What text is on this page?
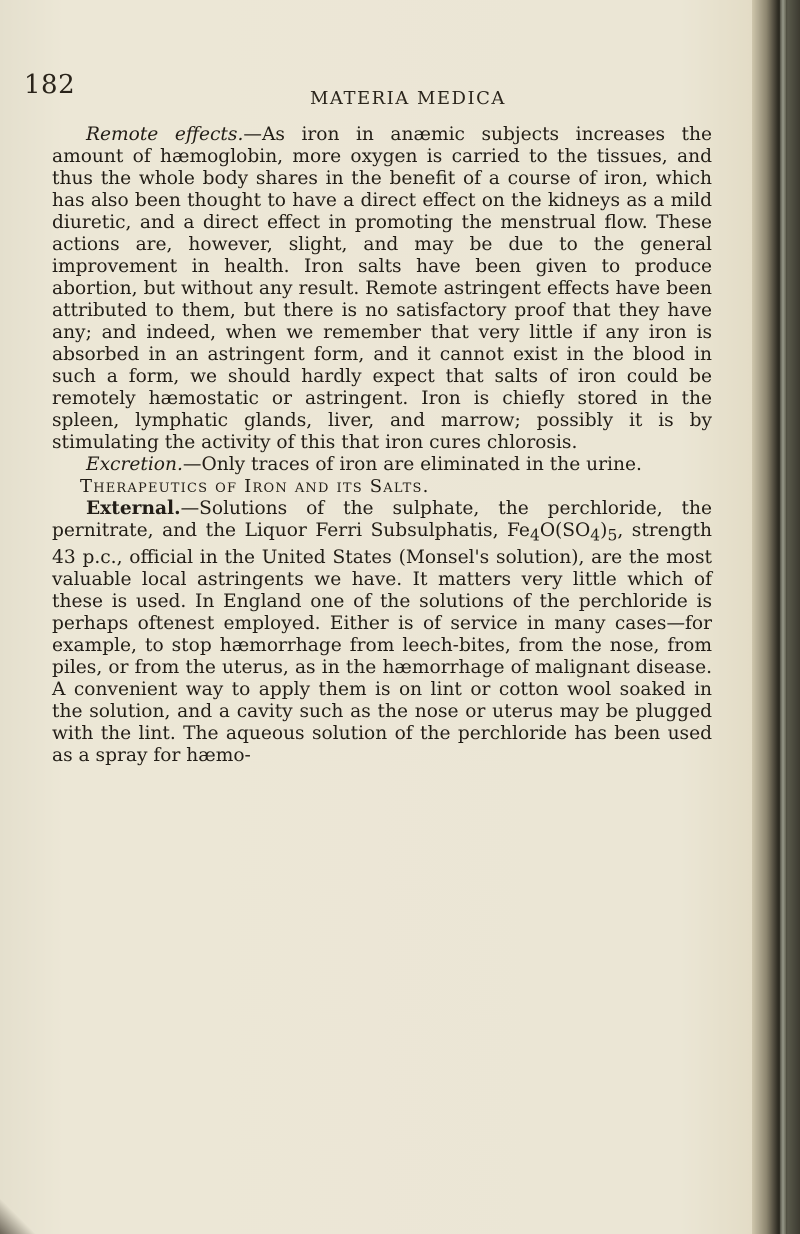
182	MATERIA MEDICA

Remote effects.—As iron in anæmic subjects increases the amount of hæmoglobin, more oxygen is carried to the tissues, and thus the whole body shares in the benefit of a course of iron, which has also been thought to have a direct effect on the kidneys as a mild diuretic, and a direct effect in promoting the menstrual flow. These actions are, however, slight, and may be due to the general improvement in health. Iron salts have been given to produce abortion, but without any result. Remote astringent effects have been attributed to them, but there is no satisfactory proof that they have any; and indeed, when we remember that very little if any iron is absorbed in an astringent form, and it cannot exist in the blood in such a form, we should hardly expect that salts of iron could be remotely hæmostatic or astringent. Iron is chiefly stored in the spleen, lymphatic glands, liver, and marrow; possibly it is by stimulating the activity of this that iron cures chlorosis.

Excretion.—Only traces of iron are eliminated in the urine.

Therapeutics of Iron and its Salts.

External.—Solutions of the sulphate, the perchloride, the pernitrate, and the Liquor Ferri Subsulphatis, $Fe_4O(SO_4)_5$, strength 43 p.c., official in the United States (Monsel's solution), are the most valuable local astringents we have. It matters very little which of these is used. In England one of the solutions of the perchloride is perhaps oftenest employed. Either is of service in many cases—for example, to stop hæmorrhage from leech-bites, from the nose, from piles, or from the uterus, as in the hæmorrhage of malignant disease. A convenient way to apply them is on lint or cotton wool soaked in the solution, and a cavity such as the nose or uterus may be plugged with the lint. The aqueous solution of the perchloride has been used as a spray for hæmo-
